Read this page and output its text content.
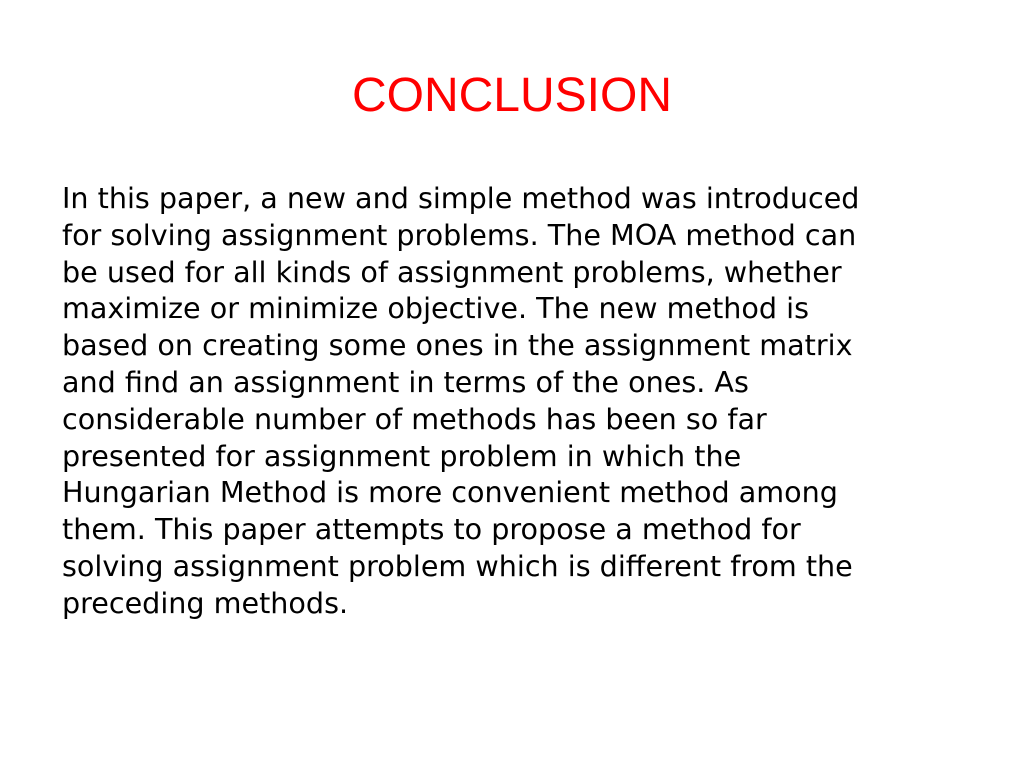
CONCLUSION
In this paper, a new and simple method was introduced
for solving assignment problems. The MOA method can
be used for all kinds of assignment problems, whether
maximize or minimize objective. The new method is
based on creating some ones in the assignment matrix
and find an assignment in terms of the ones. As
considerable number of methods has been so far
presented for assignment problem in which the
Hungarian Method is more convenient method among
them. This paper attempts to propose a method for
solving assignment problem which is different from the
preceding methods.
